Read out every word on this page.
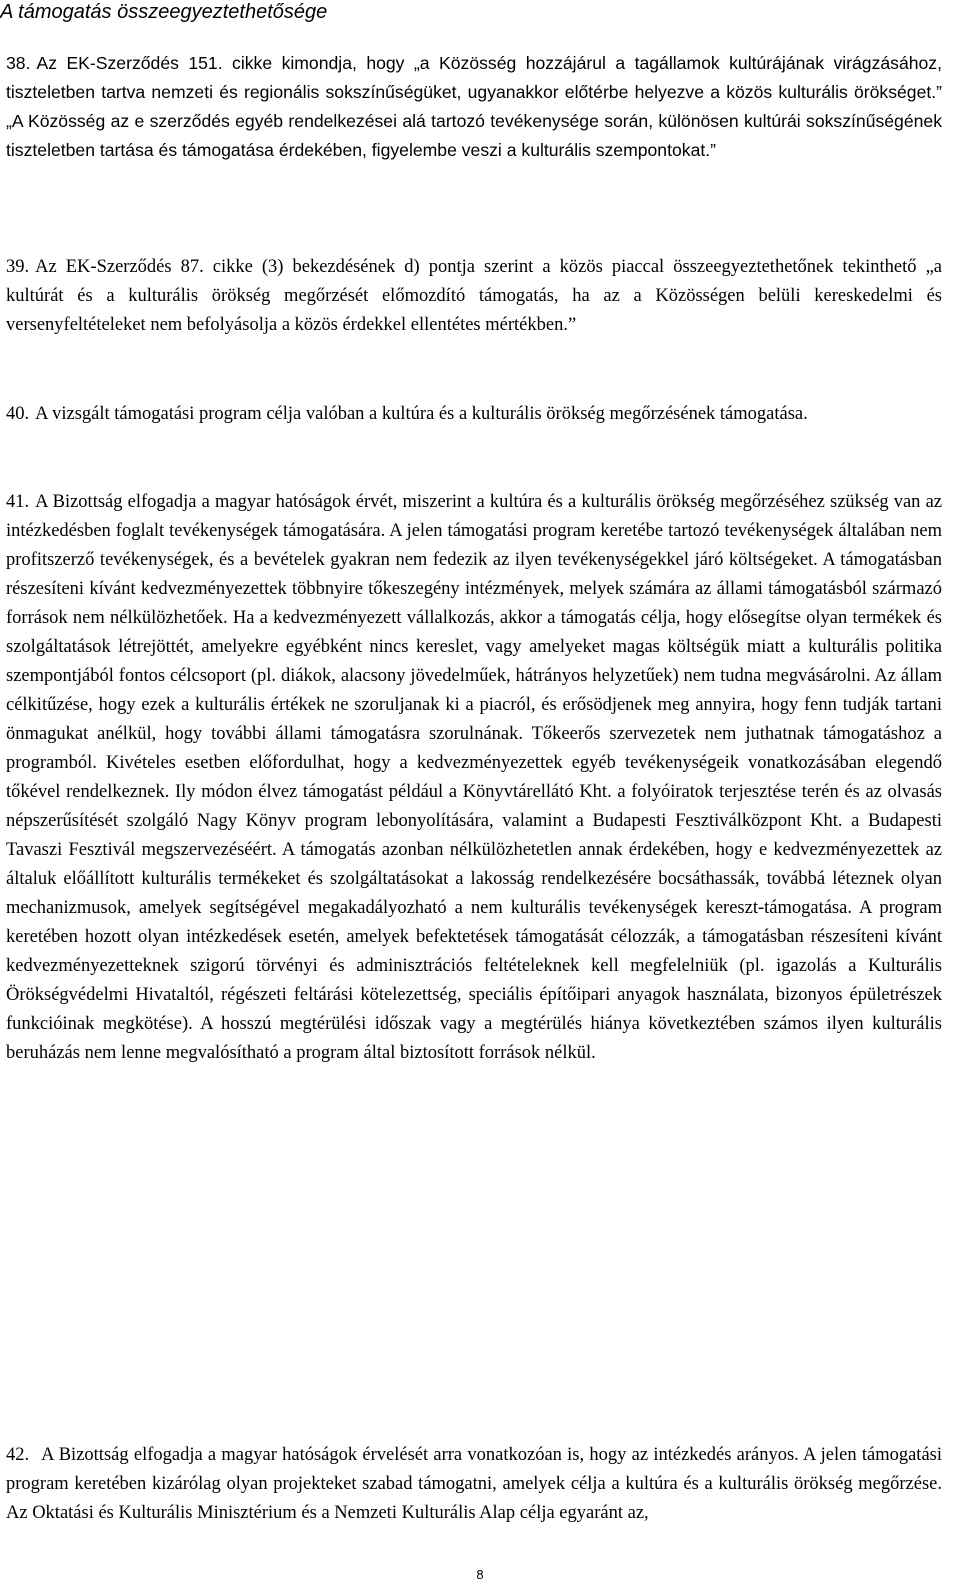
A támogatás összeegyeztethetősége

38. Az EK-Szerződés 151. cikke kimondja, hogy „a Közösség hozzájárul a tagállamok kultúrájának virágzásához, tiszteletben tartva nemzeti és regionális sokszínűségüket, ugyanakkor előtérbe helyezve a közös kulturális örökséget.” „A Közösség az e szerződés egyéb rendelkezései alá tartozó tevékenysége során, különösen kultúrái sokszínűségének tiszteletben tartása és támogatása érdekében, figyelembe veszi a kulturális szempontokat.”

39. Az EK-Szerződés 87. cikke (3) bekezdésének d) pontja szerint a közös piaccal összeegyeztethetőnek tekinthető „a kultúrát és a kulturális örökség megőrzését előmozdító támogatás, ha az a Közösségen belüli kereskedelmi és versenyfeltételeket nem befolyásolja a közös érdekkel ellentétes mértékben.”

40. A vizsgált támogatási program célja valóban a kultúra és a kulturális örökség megőrzésének támogatása.

41. A Bizottság elfogadja a magyar hatóságok érvét, miszerint a kultúra és a kulturális örökség megőrzéséhez szükség van az intézkedésben foglalt tevékenységek támogatására. A jelen támogatási program keretébe tartozó tevékenységek általában nem profitszerző tevékenységek, és a bevételek gyakran nem fedezik az ilyen tevékenységekkel járó költségeket. A támogatásban részesíteni kívánt kedvezményezettek többnyire tőkeszegény intézmények, melyek számára az állami támogatásból származó források nem nélkülözhetőek. Ha a kedvezményezett vállalkozás, akkor a támogatás célja, hogy elősegítse olyan termékek és szolgáltatások létrejöttét, amelyekre egyébként nincs kereslet, vagy amelyeket magas költségük miatt a kulturális politika szempontjából fontos célcsoport (pl. diákok, alacsony jövedelműek, hátrányos helyzetűek) nem tudna megvásárolni. Az állam célkitűzése, hogy ezek a kulturális értékek ne szoruljanak ki a piacról, és erősödjenek meg annyira, hogy fenn tudják tartani önmagukat anélkül, hogy további állami támogatásra szorulnának. Tőkeerős szervezetek nem juthatnak támogatáshoz a programból. Kivételes esetben előfordulhat, hogy a kedvezményezettek egyéb tevékenységeik vonatkozásában elegendő tőkével rendelkeznek. Ily módon élvez támogatást például a Könyvtárellátó Kht. a folyóiratok terjesztése terén és az olvasás népszerűsítését szolgáló Nagy Könyv program lebonyolítására, valamint a Budapesti Fesztiválközpont Kht. a Budapesti Tavaszi Fesztivál megszervezéséért. A támogatás azonban nélkülözhetetlen annak érdekében, hogy e kedvezményezettek az általuk előállított kulturális termékeket és szolgáltatásokat a lakosság rendelkezésére bocsáthassák, továbbá léteznek olyan mechanizmusok, amelyek segítségével megakadályozható a nem kulturális tevékenységek kereszt-támogatása. A program keretében hozott olyan intézkedések esetén, amelyek befektetések támogatását célozzák, a támogatásban részesíteni kívánt kedvezményezetteknek szigorú törvényi és adminisztrációs feltételeknek kell megfelelniük (pl. igazolás a Kulturális Örökségvédelmi Hivataltól, régészeti feltárási kötelezettség, speciális építőipari anyagok használata, bizonyos épületrészek funkcióinak megkötése). A hosszú megtérülési időszak vagy a megtérülés hiánya következtében számos ilyen kulturális beruházás nem lenne megvalósítható a program által biztosított források nélkül.

42. A Bizottság elfogadja a magyar hatóságok érvelését arra vonatkozóan is, hogy az intézkedés arányos. A jelen támogatási program keretében kizárólag olyan projekteket szabad támogatni, amelyek célja a kultúra és a kulturális örökség megőrzése. Az Oktatási és Kulturális Minisztérium és a Nemzeti Kulturális Alap célja egyaránt az,

8
